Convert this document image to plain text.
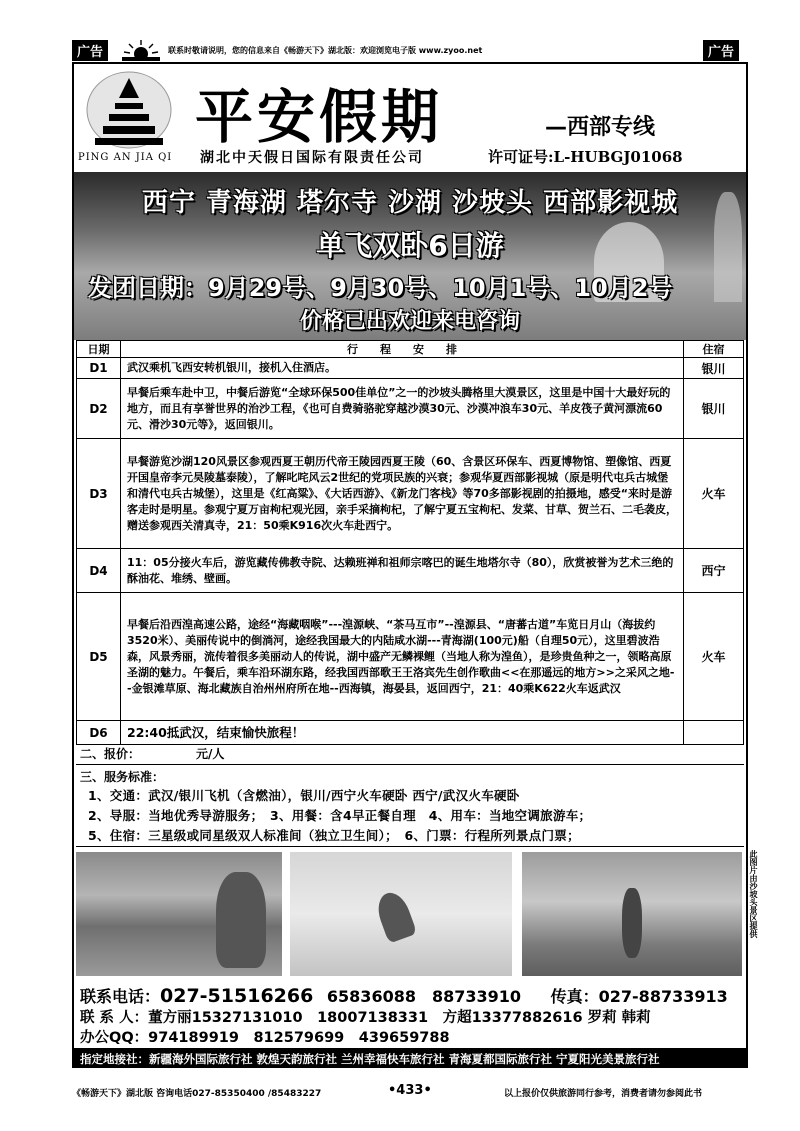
广告	联系时敬请说明，您的信息来自《畅游天下》湖北版：欢迎浏览电子版 www.zyoo.net	广告
PING AN JIA QI
平安假期	—西部专线
湖北中天假日国际有限责任公司	许可证号:L-HUBGJ01068
西宁 青海湖 塔尔寺 沙湖 沙坡头 西部影视城
单飞双卧6日游
发团日期：9月29号、9月30号、10月1号、10月2号
价格已出欢迎来电咨询
日期	行　　程　　安　　排	住宿
D1	武汉乘机飞西安转机银川，接机入住酒店。	银川
D2	早餐后乘车赴中卫，中餐后游览“全球环保500佳单位”之一的沙坡头腾格里大漠景区，这里是中国十大最好玩的地方，而且有享誉世界的治沙工程，《也可自费骑骆驼穿越沙漠30元、沙漠冲浪车30元、羊皮筏子黄河漂流60元、滑沙30元等》，返回银川。	银川
D3	早餐游览沙湖120风景区参观西夏王朝历代帝王陵园西夏王陵（60、含景区环保车、西夏博物馆、塑像馆、西夏开国皇帝李元昊陵墓泰陵），了解叱咤风云2世纪的党项民族的兴衰；参观华夏西部影视城（原是明代屯兵古城堡和清代屯兵古城堡），这里是《红高粱》、《大话西游》、《新龙门客栈》等70多部影视剧的拍摄地，感受“来时是游客走时是明星。参观宁夏万亩枸杞观光园，亲手采摘枸杞，了解宁夏五宝枸杞、发菜、甘草、贺兰石、二毛袭皮，赠送参观西关清真寺，21：50乘K916次火车赴西宁。	火车
D4	11：05分接火车后，游览藏传佛教寺院、达赖班禅和祖师宗喀巴的诞生地塔尔寺（80），欣赏被誉为艺术三绝的酥油花、堆绣、壁画。	西宁
D5	早餐后沿西湟高速公路，途经“海藏咽喉”---湟源峡、“茶马互市”--湟源县、“唐蕃古道”车览日月山（海拔约3520米）、美丽传说中的倒淌河，途经我国最大的内陆咸水湖---青海湖(100元)船（自理50元），这里碧波浩森，风景秀丽，流传着很多美丽动人的传说，湖中盛产无鳞裸鲤（当地人称为湟鱼），是珍贵鱼种之一，领略高原圣湖的魅力。午餐后，乘车沿环湖东路，经我国西部歌王王洛宾先生创作歌曲<<在那遥远的地方>>之采风之地--金银滩草原、海北藏族自治州州府所在地--西海镇，海晏县，返回西宁，21：40乘K622火车返武汉	火车
D6	22:40抵武汉，结束愉快旅程！	
二、报价：	元/人
三、服务标准：
1、交通：武汉/银川飞机（含燃油），银川/西宁火车硬卧 西宁/武汉火车硬卧
2、导服：当地优秀导游服务；　3、用餐：含4早正餐自理　4、用车：当地空调旅游车；
5、住宿：三星级或同星级双人标准间（独立卫生间）；　6、门票：行程所列景点门票；
此图片由沙坡头景区提供
联系电话：027-51516266 65836088　88733910 传真：027-88733913
联 系 人：董方丽15327131010　18007138331　方超13377882616 罗莉 韩莉
办公QQ：974189919　812579699　439659788
指定地接社：新疆海外国际旅行社 敦煌天韵旅行社 兰州幸福快车旅行社 青海夏都国际旅行社 宁夏阳光美景旅行社
《畅游天下》湖北版 咨询电话027-85350400 /85483227	•433•	以上报价仅供旅游同行参考，消费者请勿参阅此书
